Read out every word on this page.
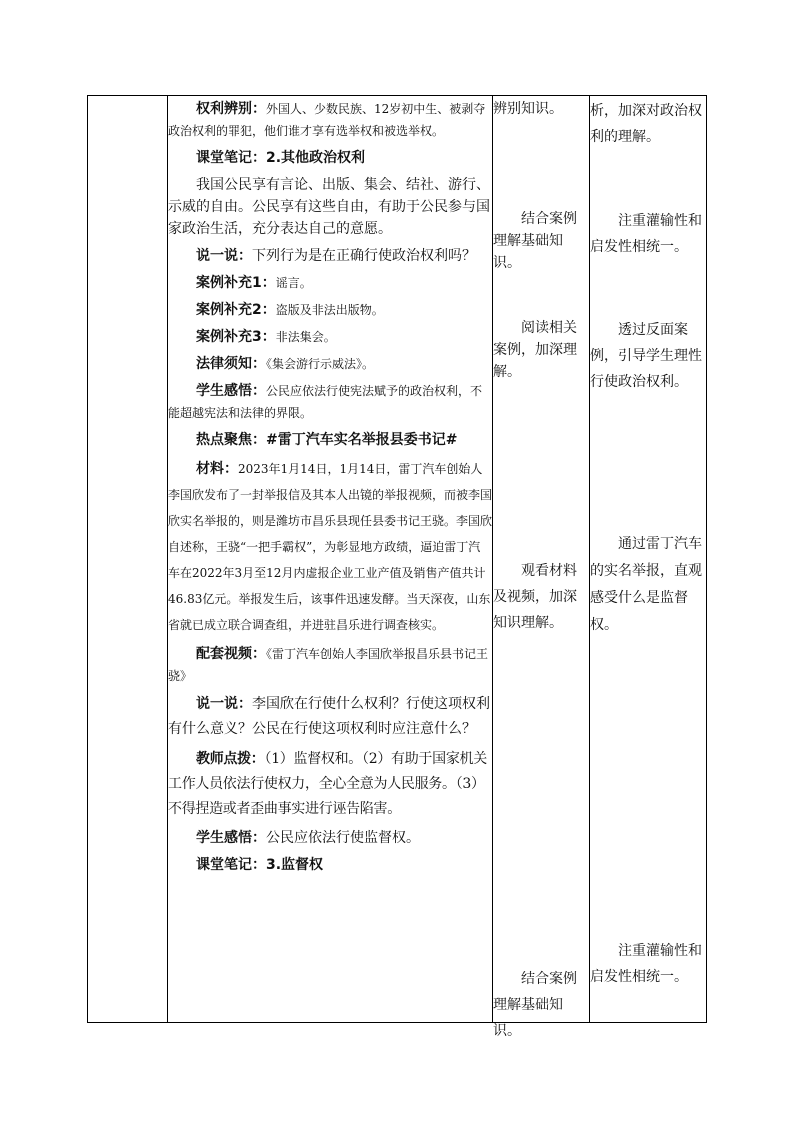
权利辨别：外国人、少数民族、12岁初中生、被剥夺政治权利的罪犯，他们谁才享有选举权和被选举权。
课堂笔记：2.其他政治权利
我国公民享有言论、出版、集会、结社、游行、示威的自由。公民享有这些自由，有助于公民参与国家政治生活，充分表达自己的意愿。
说一说：下列行为是在正确行使政治权利吗？
案例补充1：谣言。
案例补充2：盗版及非法出版物。
案例补充3：非法集会。
法律须知：《集会游行示威法》。
学生感悟：公民应依法行使宪法赋予的政治权利，不能超越宪法和法律的界限。
热点聚焦：#雷丁汽车实名举报县委书记#
材料：2023年1月14日，1月14日，雷丁汽车创始人李国欣发布了一封举报信及其本人出镜的举报视频，而被李国欣实名举报的，则是潍坊市昌乐县现任县委书记王骁。李国欣自述称，王骁“一把手霸权”，为彰显地方政绩，逼迫雷丁汽车在2022年3月至12月内虚报企业工业产值及销售产值共计46.83亿元。举报发生后，该事件迅速发酵。当天深夜，山东省就已成立联合调查组，并进驻昌乐进行调查核实。
配套视频：《雷丁汽车创始人李国欣举报昌乐县书记王骁》
说一说：李国欣在行使什么权利？行使这项权利有什么意义？公民在行使这项权利时应注意什么？
教师点拨：（1）监督权和。（2）有助于国家机关工作人员依法行使权力，全心全意为人民服务。（3）不得捏造或者歪曲事实进行诬告陷害。
学生感悟：公民应依法行使监督权。
课堂笔记：3.监督权
辨别知识。
结合案例理解基础知识。
阅读相关案例，加深理解。
观看材料及视频，加深知识理解。
结合案例理解基础知识。
析，加深对政治权利的理解。
注重灌输性和启发性相统一。
透过反面案例，引导学生理性行使政治权利。
通过雷丁汽车的实名举报，直观感受什么是监督权。
注重灌输性和启发性相统一。
